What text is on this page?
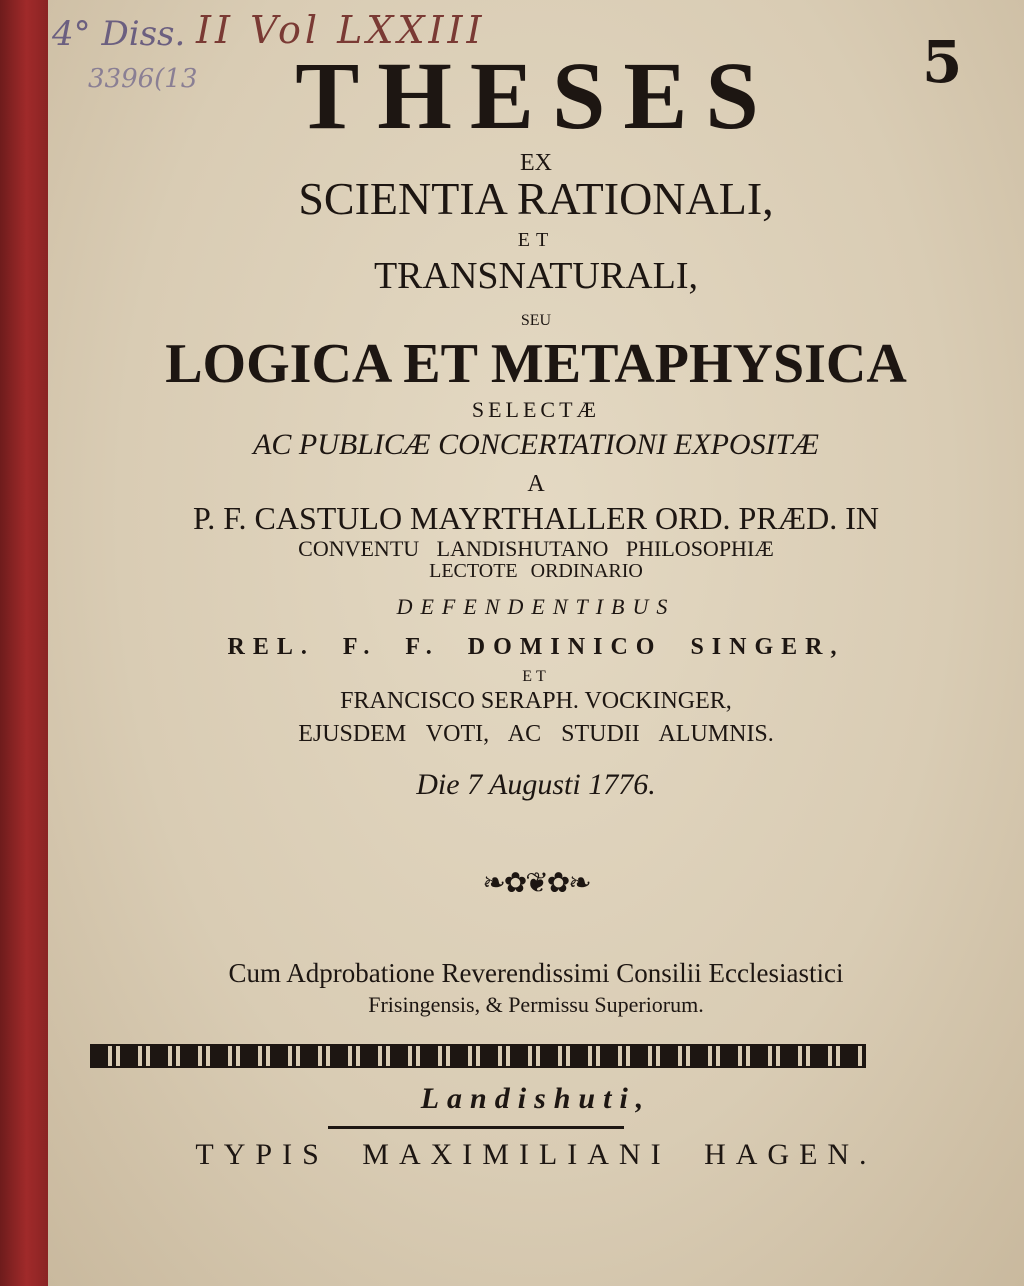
4° Diss.
3396(13
II Vol LXXIII	5
THESES
EX
SCIENTIA RATIONALI,
ET
TRANSNATURALI,
SEU
LOGICA ET METAPHYSICA
SELECTÆ
AC PUBLICÆ CONCERTATIONI EXPOSITÆ
A
P. F. CASTULO MAYRTHALLER ORD. PRÆD. IN
CONVENTU LANDISHUTANO PHILOSOPHIÆ
LECTOTE ORDINARIO
DEFENDENTIBUS
REL. F. F. DOMINICO SINGER,
ET
FRANCISCO SERAPH. VOCKINGER,
EJUSDEM VOTI, AC STUDII ALUMNIS.
Die 7 Augusti 1776.
❧✿❦✿❧
Cum Adprobatione Reverendissimi Consilii Ecclesiastici
Frisingensis, & Permissu Superiorum.
Landishuti,
TYPIS MAXIMILIANI HAGEN.
